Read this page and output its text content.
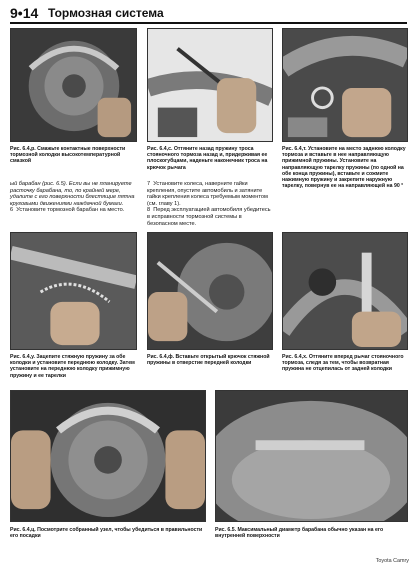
9•14 Тормозная система
Рис. 6.4,р. Смажьте контактные поверхности тормозной колодки высокотемпературной смазкой
Рис. 6.4,с. Оттяните назад пружину троса стояночного тормоза назад и, придерживая ее плоскогубцами, наденьте наконечник троса на крючок рычага
Рис. 6.4,т. Установите на место заднюю колодку тормоза и вставьте в нее направляющую прижимной пружины. Установите на направляющую тарелку пружины (по одной на обе конца пружины), вставьте и сожмите нажимную пружину и закрепите наружную тарелку, повернув ее на направляющей на 90 °

ый барабан (рис. 6.5). Если вы не планируете расточку барабана, то, по крайней мере, удалите с его поверхности блестящие пятна круговыми движениями наждачной бумаги.

6 Установите тормозной барабан на место.

7 Установите колеса, наверните гайки крепления, опустите автомобиль и затяните гайки крепления колеса требуемым моментом (см. главу 1).

8 Перед эксплуатацией автомобиля убедитесь в исправности тормозной системы в безопасном месте.

Рис. 6.4,у. Зацепите стяжную пружину за обе колодки и установите переднюю колодку. Затем установите на переднюю колодку прижимную пружину и ее тарелки
Рис. 6.4,ф. Вставьте открытый крючок стяжной пружины в отверстие передней колодки
Рис. 6.4,х. Оттяните вперед рычаг стояночного тормоза, следя за тем, чтобы возвратная пружина не отцепилась от задней колодки
Рис. 6.4,ц. Посмотрите собранный узел, чтобы убедиться в правильности его посадки
Рис. 6.5. Максимальный диаметр барабана обычно указан на его внутренней поверхности
Toyota Camry
